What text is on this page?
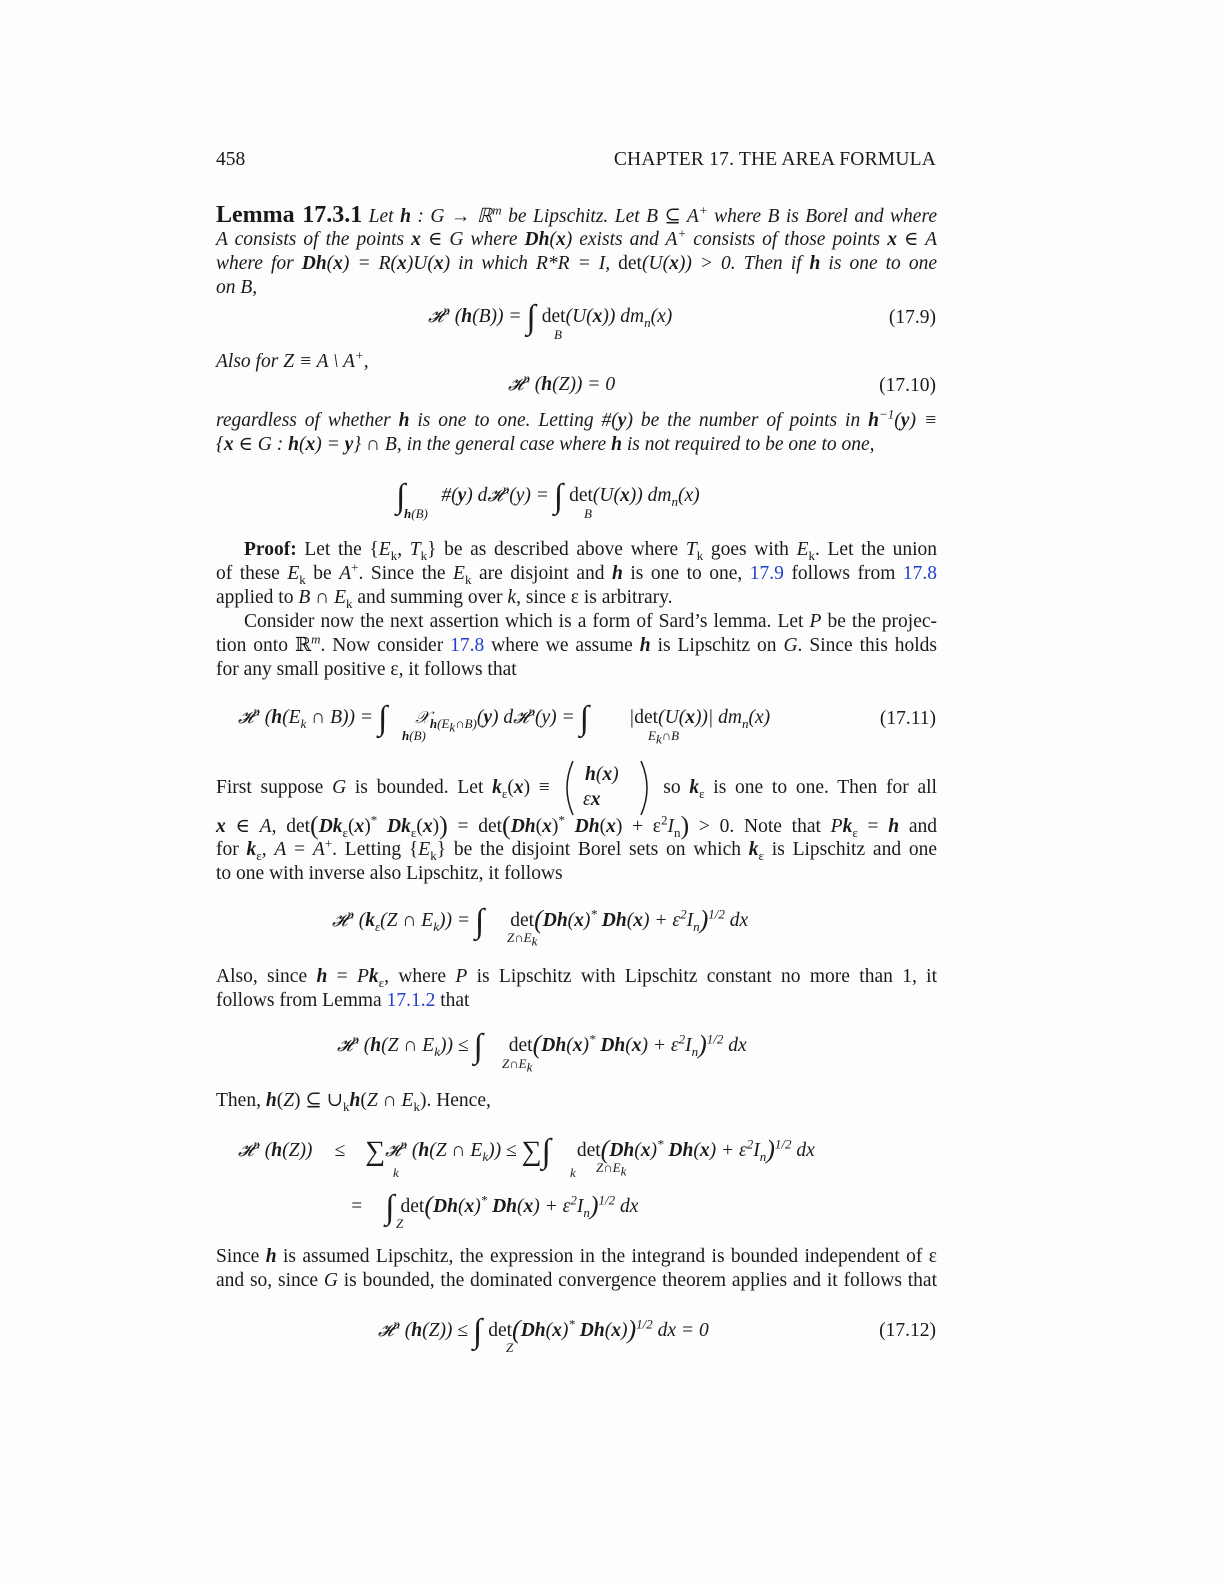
458	CHAPTER 17. THE AREA FORMULA
Lemma 17.3.1 Let h : G → ℝ$^m$ be Lipschitz. Let B ⊆ A+ where B is Borel and where
A consists of the points x ∈ G where Dh(x) exists and A+ consists of those points x ∈ A
where for Dh(x) = R(x)U(x) in which R*R = I, det(U(x)) > 0. Then if h is one to one
on B,
𝓗$^n$ (h(B)) = ∫ det(U(x)) $dm_n(x)$
B
(17.9)
Also for Z ≡ A \ A+,
𝓗$^n$ (h(Z)) = 0	(17.10)
regardless of whether h is one to one. Letting #(y) be the number of points in $h^{-1}(y)$ ≡
{x ∈ G : h(x) = y} ∩ B, in the general case where h is not required to be one to one,
∫ #(y) d𝓗$^n$(y) = ∫ det(U(x)) $dm_n(x)$
h(B)	B
Proof: Let the {$E_k$, $T_k$} be as described above where $T_k$ goes with $E_k$. Let the union
of these $E_k$ be A+. Since the $E_k$ are disjoint and h is one to one, 17.9 follows from 17.8
applied to B ∩ $E_k$ and summing over k, since ε is arbitrary.
Consider now the next assertion which is a form of Sard’s lemma. Let P be the projec-
tion onto ℝ$^m$. Now consider 17.8 where we assume h is Lipschitz on G. Since this holds
for any small positive ε, it follows that
𝓗$^n$ ($h(E_k$ ∩ B)) = ∫ 𝒳$_{h(E_k\cap B)}$(y) d𝓗$^n$(y) = ∫ |det(U(x))| $dm_n(x)$
h(B)	$E_k\cap B$
(17.11)
First suppose G is bounded. Let $k_\varepsilon(x)$ ≡	so $k_\varepsilon$ is one to one. Then for all
h(x)
εx
x ∈ A, $\det(Dk_\varepsilon(x)^*$ $Dk_\varepsilon(x)) = \det(Dh(x)^*$ $Dh(x) + \varepsilon^2I_n) > 0$. Note that $Pk_\varepsilon = h$ and
for $k_\varepsilon$, A = A+. Letting $\{E_k\}$ be the disjoint Borel sets on which $k_\varepsilon$ is Lipschitz and one
to one with inverse also Lipschitz, it follows
𝓗$^n$ ($k_\varepsilon(Z$ ∩ $E_k$)) = ∫ det(Dh(x)* $Dh(x) + \varepsilon^2I_n)^{1/2}$ dx
$Z\cap E_k$
Also, since $h = Pk_\varepsilon$, where P is Lipschitz with Lipschitz constant no more than 1, it
follows from Lemma 17.1.2 that
𝓗$^n$ (h(Z ∩ $E_k$)) ≤ ∫ det(Dh(x)* $Dh(x) + \varepsilon^2I_n)^{1/2}$ dx
$Z\cap E_k$
Then, h(Z) ⊆ $\cup_kh(Z$ ∩ $E_k$). Hence,
𝓗$^n$ (h(Z)) ≤ ∑𝓗$^n$ (h(Z ∩ $E_k$)) ≤ ∑∫ det(Dh(x)* $Dh(x) + \varepsilon^2I_n)^{1/2}$ dx
k	k $Z\cap E_k$
= ∫ det(Dh(x)* $Dh(x) + \varepsilon^2I_n)^{1/2}$ dx
Z
Since h is assumed Lipschitz, the expression in the integrand is bounded independent of ε
and so, since G is bounded, the dominated convergence theorem applies and it follows that
𝓗$^n$ (h(Z)) ≤ ∫ det(Dh(x)* Dh(x))$^{1/2}$ dx = 0
Z
(17.12)
